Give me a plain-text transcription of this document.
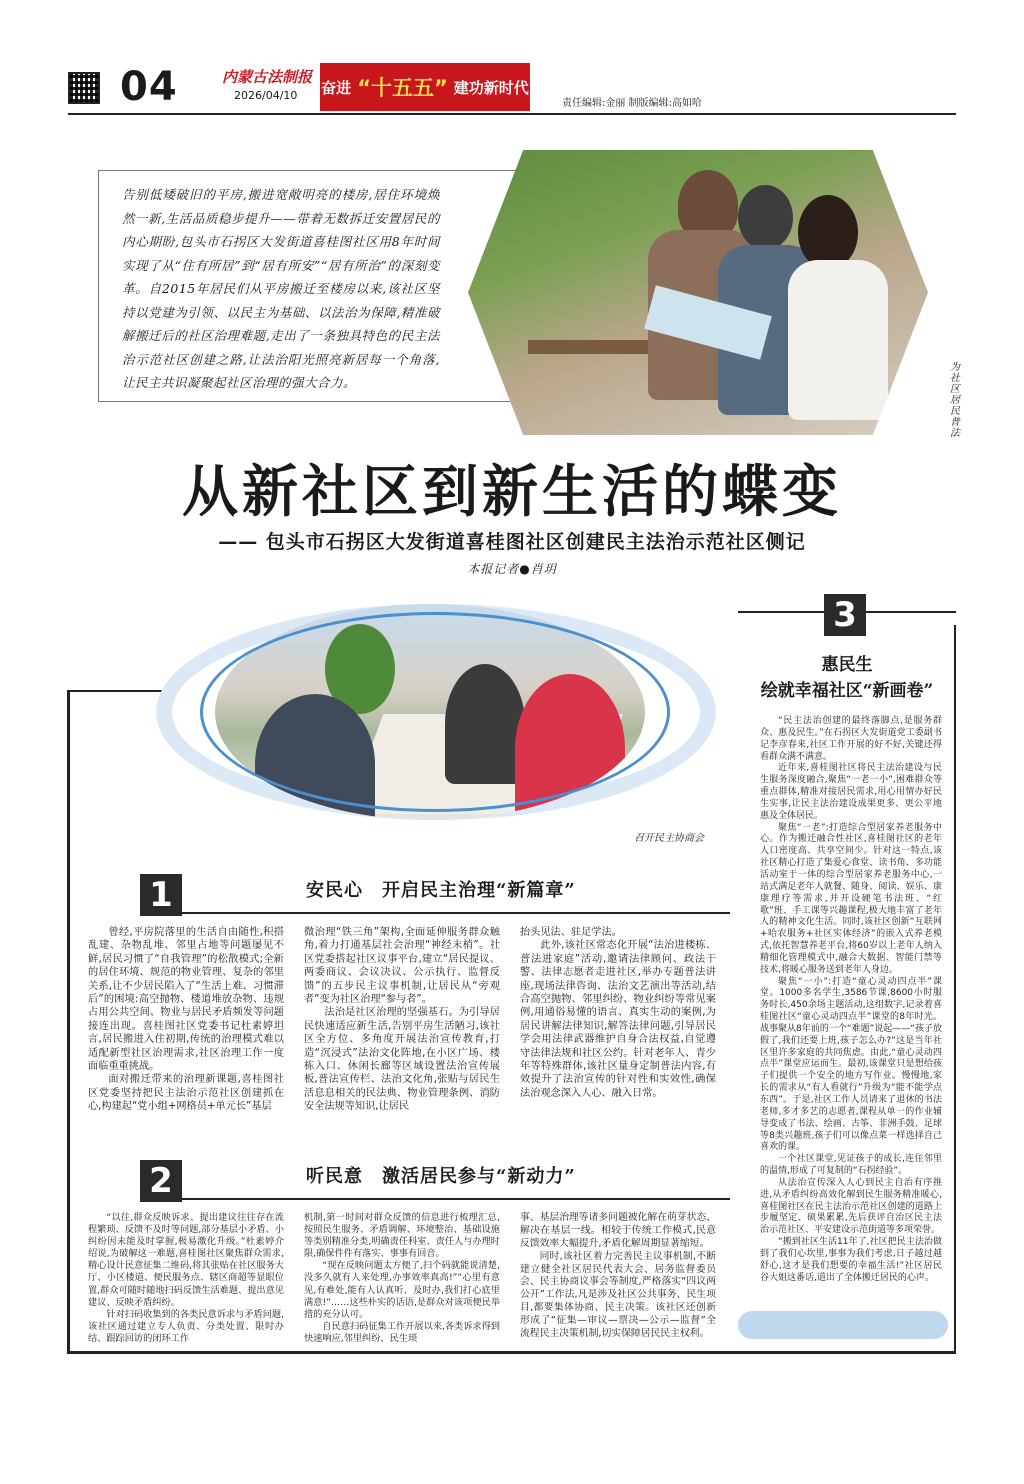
04	内蒙古法制报
2026/04/10 奋进 “十五五” 建功新时代
责任编辑:金丽 制版编辑:高如哈
告别低矮破旧的平房,搬进宽敞明亮的楼房,居住环境焕然一新,生活品质稳步提升——带着无数拆迁安置居民的内心期盼,包头市石拐区大发街道喜桂图社区用8年时间实现了从“住有所居”到“居有所安”“居有所治”的深刻变革。自2015年居民们从平房搬迁至楼房以来,该社区坚持以党建为引领、以民主为基础、以法治为保障,精准破解搬迁后的社区治理难题,走出了一条独具特色的民主法治示范社区创建之路,让法治阳光照亮新居每一个角落,让民主共识凝聚起社区治理的强大合力。
为社区居民普法
从新社区到新生活的蝶变
—— 包头市石拐区大发街道喜桂图社区创建民主法治示范社区侧记
本报记者●肖玥
召开民主协商会
3
惠民生
绘就幸福社区“新画卷”

“民主法治创建的最终落脚点,是服务群众、惠及民生。”在石拐区大发街道党工委副书记李彦春来,社区工作开展的好不好,关键还得看群众满不满意。

近年来,喜桂图社区将民主法治建设与民生服务深度融合,聚焦“一老一小”,困难群众等重点群体,精准对接居民需求,用心用情办好民生实事,让民主法治建设成果更多、更公平地惠及全体居民。

聚焦“一老”:打造综合型居家养老服务中心。作为搬迁融合性社区,喜桂图社区的老年人口密度高、共享空间少。针对这一特点,该社区精心打造了集爱心食堂、读书角、多功能活动室于一体的综合型居家养老服务中心,一站式满足老年人就餐、随身、阅读、娱乐、康康理疗等需求,并开设硬笔书法班、“红歌”班、手工课等兴趣课程,极大地丰富了老年人的精神文化生活。同时,该社区创新“互联网+哈农服务+社区实体经济”的嵌入式养老模式,依托智慧养老平台,将60岁以上老年人纳入精细化管理模式中,融合大数据、智能门禁等技术,将暖心服务送到老年人身边。

聚焦“一小”:打造“童心灵动四点半”课堂。1000多名学生,3586节课,8600小时服务时长,450余场主题活动,这组数字,记录着喜桂图社区“童心灵动四点半”课堂的8年时光。战事聚从8年前的一个“难题”说起——“孩子放假了,我们还要上班,孩子怎么办?”这是当年社区里许多家庭的共同焦虑。由此,“童心灵动四点半”课堂应运而生。最初,该课堂只是想给孩子们提供一个安全的地方写作业。慢慢地,家长的需求从“有人看就行”升级为“能不能学点东西”。于是,社区工作人员请来了退休的书法老师,多才多艺的志愿者,课程从单一的作业辅导变成了书法、绘画、古筝、非洲手鼓、足球等8类兴趣班,孩子们可以像点菜一样选择自己喜欢的课。

一个社区课堂,见证孩子的成长,连住邻里的温情,形成了可复制的“石拐经验”。

从法治宣传深入人心到民主自治有序推进,从矛盾纠纷高效化解到民生服务精准暖心,喜桂图社区在民主法治示范社区创建的道路上步履坚定、硕果累累,先后获评自治区民主法治示范社区、平安建设示范街道等多项荣誉。

“搬到社区生活11年了,社区把民主法治做到了我们心坎里,事事为我们考虑,日子越过越舒心,这才是我们想要的幸福生活!”社区居民谷大姐这番话,道出了全体搬迁居民的心声。

1	安民心　开启民主治理“新篇章”

曾经,平房院落里的生活自由随性,积搭乱建、杂物乱堆、邻里占地等问题屡见不鲜,居民习惯了“自我管理”的松散模式;全新的居住环境、规范的物业管理、复杂的邻里关系,让不少居民陷入了“生活上难、习惯滞后”的困境:高空抛物、楼道堆放杂物、违规占用公共空间、物业与居民矛盾频发等问题接连出现。喜桂图社区党委书记杜素婷坦言,居民搬进入住初期,传统的治理模式难以适配新型社区治理需求,社区治理工作一度面临重重挑战。

面对搬迁带来的治理新课题,喜桂图社区党委坚持把民主法治示范社区创建抓在心,构建起“党小组+网格员+单元长”基层

微治理“铁三角”架构,全面延伸服务群众触角,着力打通基层社会治理“神经末梢”。社区党委搭起社区议事平台,建立“居民提议、两委商议、会议决议、公示执行、监督反馈”的五步民主议事机制,让居民从“旁观者”变为社区治理“参与者”。

法治是社区治理的坚强基石。为引导居民快速适应新生活,告别平房生活陋习,该社区全方位、多角度开展法治宣传教育,打造“沉浸式”法治文化阵地,在小区广场、楼栋入口、休闲长廊等区域设置法治宣传展板,普法宣传栏、法治文化角,张贴与居民生活息息相关的民法典、物业管理条例、消防安全法规等知识,让居民

抬头见法、驻足学法。

此外,该社区常态化开展“法治进楼栋、普法进家庭”活动,邀请法律顾问、政法干警、法律志愿者走进社区,举办专题普法讲座,现场法律咨询、法治文艺演出等活动,结合高空抛物、邻里纠纷、物业纠纷等常见案例,用通俗易懂的语言、真实生动的案例,为居民讲解法律知识,解答法律问题,引导居民学会用法律武器维护自身合法权益,自觉遵守法律法规和社区公约。针对老年人、青少年等特殊群体,该社区量身定制普法内容,有效提升了法治宣传的针对性和实效性,确保法治观念深入人心、融入日常。

2	听民意　激活居民参与“新动力”

“以往,群众反映诉求、提出建议往往存在流程繁琐、反馈不及时等问题,部分基层小矛盾、小纠纷因未能及时掌握,极易激化升级。”杜素婷介绍说,为破解这一难题,喜桂图社区聚焦群众需求,精心设计民意征集二维码,将其张贴在社区服务大厅、小区楼道、便民服务点、辖区商超等显眼位置,群众可随时随地扫码反馈生活难题、提出意见建议、反映矛盾纠纷。

针对扫码收集到的各类民意诉求与矛盾问题,该社区通过建立专人负责、分类处置、限时办结、跟踪回访的闭环工作

机制,第一时间对群众反馈的信息进行梳理汇总,按照民生服务、矛盾调解、环境整治、基础设施等类别精准分类,明确责任科室、责任人与办理时限,确保件件有落实、事事有回音。

“现在反映问题太方便了,扫个码就能说清楚,没多久就有人来处理,办事效率真高!”“心里有意见,有难处,能有人认真听、及时办,我们打心底里满意!”……这些朴实的话语,是群众对该项便民举措的充分认可。

自民意扫码征集工作开展以来,各类诉求得到快速响应,邻里纠纷、民生琐

事、基层治理等诸多问题被化解在萌芽状态、解决在基层一线。相较于传统工作模式,民意反馈效率大幅提升,矛盾化解周期显著缩短。

同时,该社区着力完善民主议事机制,不断建立健全社区居民代表大会、居务监督委员会、民主协商议事会等制度,严格落实“四议两公开”工作法,凡是涉及社区公共事务、民生项目,都要集体协商、民主决策。该社区还创新形成了“征集—审议—票决—公示—监督”全流程民主决策机制,切实保障居民民主权利。
